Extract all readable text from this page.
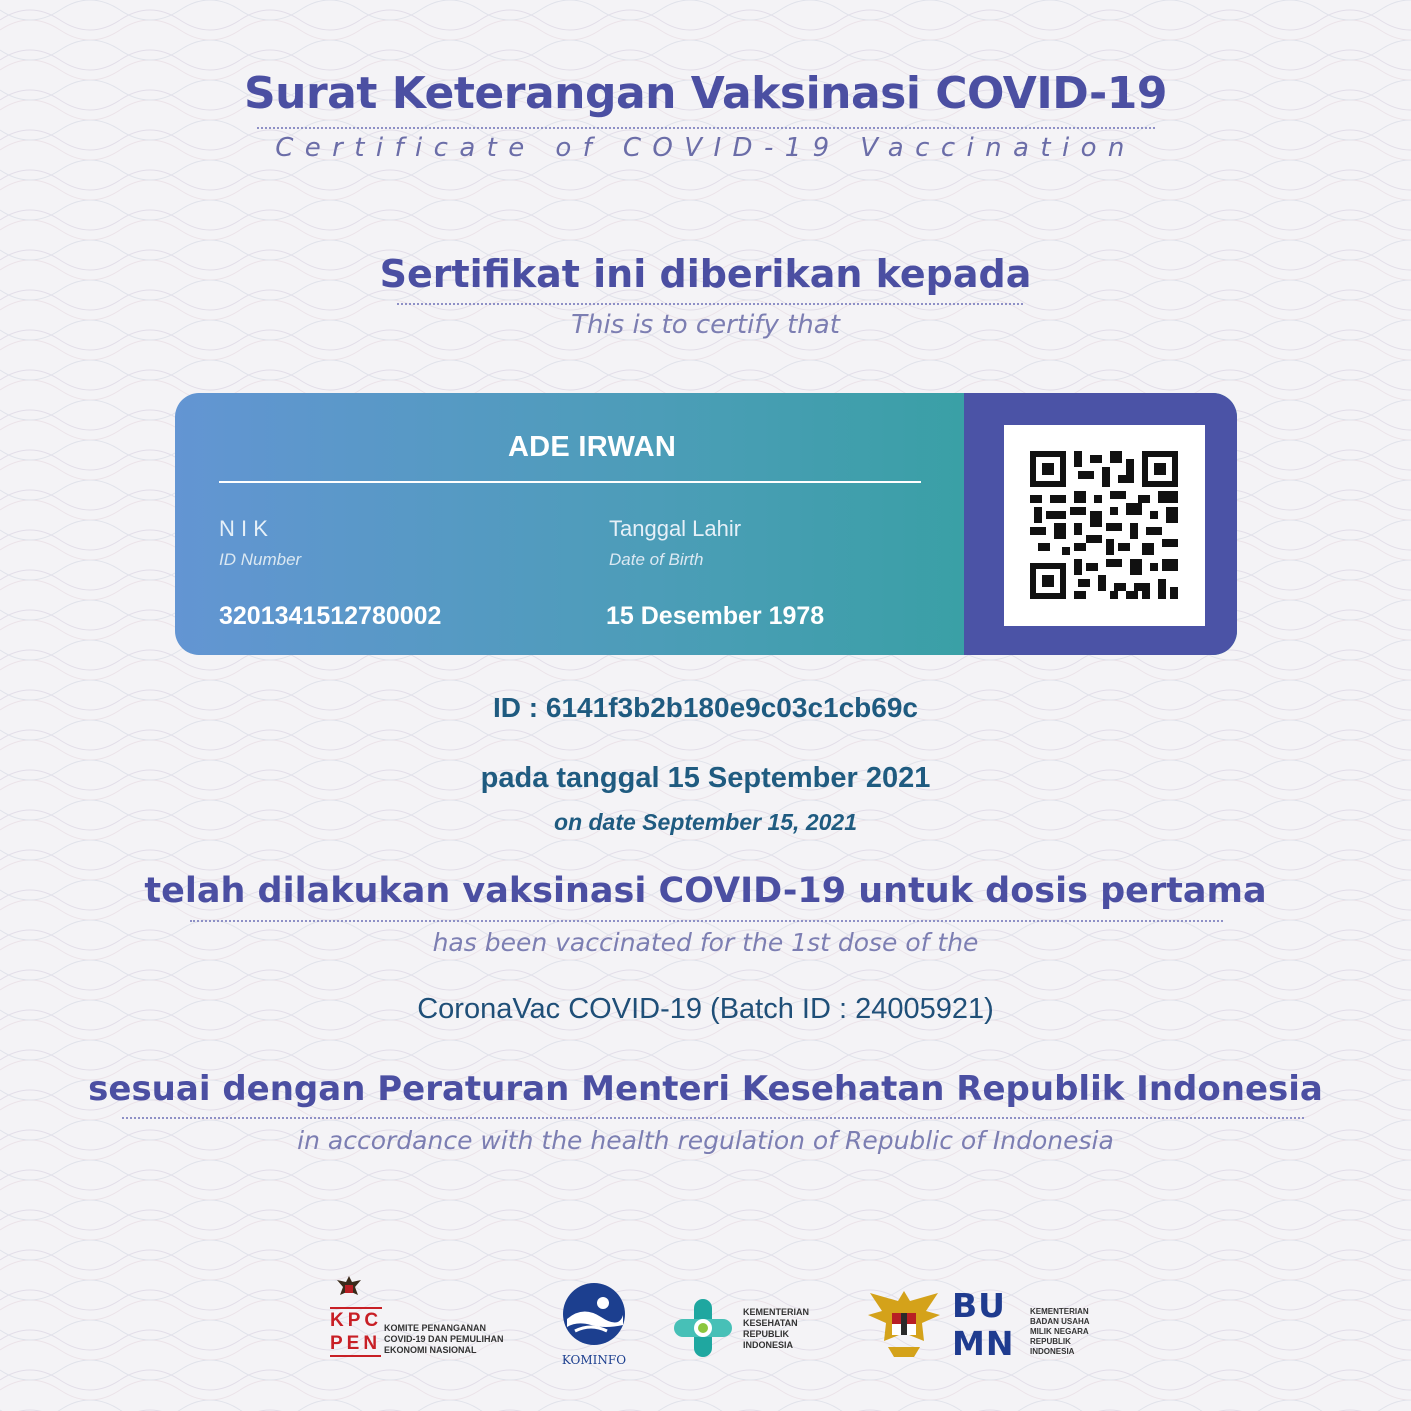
Surat Keterangan Vaksinasi COVID-19
Certificate of COVID-19 Vaccination
Sertifikat ini diberikan kepada
This is to certify that
ADE IRWAN
N I K
ID Number
3201341512780002
Tanggal Lahir
Date of Birth
15 Desember 1978
ID : 6141f3b2b180e9c03c1cb69c
pada tanggal 15 September 2021
on date September 15, 2021
telah dilakukan vaksinasi COVID-19 untuk dosis pertama
has been vaccinated for the 1st dose of the
CoronaVac COVID-19 (Batch ID : 24005921)
sesuai dengan Peraturan Menteri Kesehatan Republik Indonesia
in accordance with the health regulation of Republic of Indonesia
KPC
PEN
KOMITE PENANGANAN
COVID-19 DAN PEMULIHAN
EKONOMI NASIONAL
KOMINFO
KEMENTERIAN
KESEHATAN
REPUBLIK
INDONESIA
BUMN
KEMENTERIAN
BADAN USAHA
MILIK NEGARA
REPUBLIK
INDONESIA
